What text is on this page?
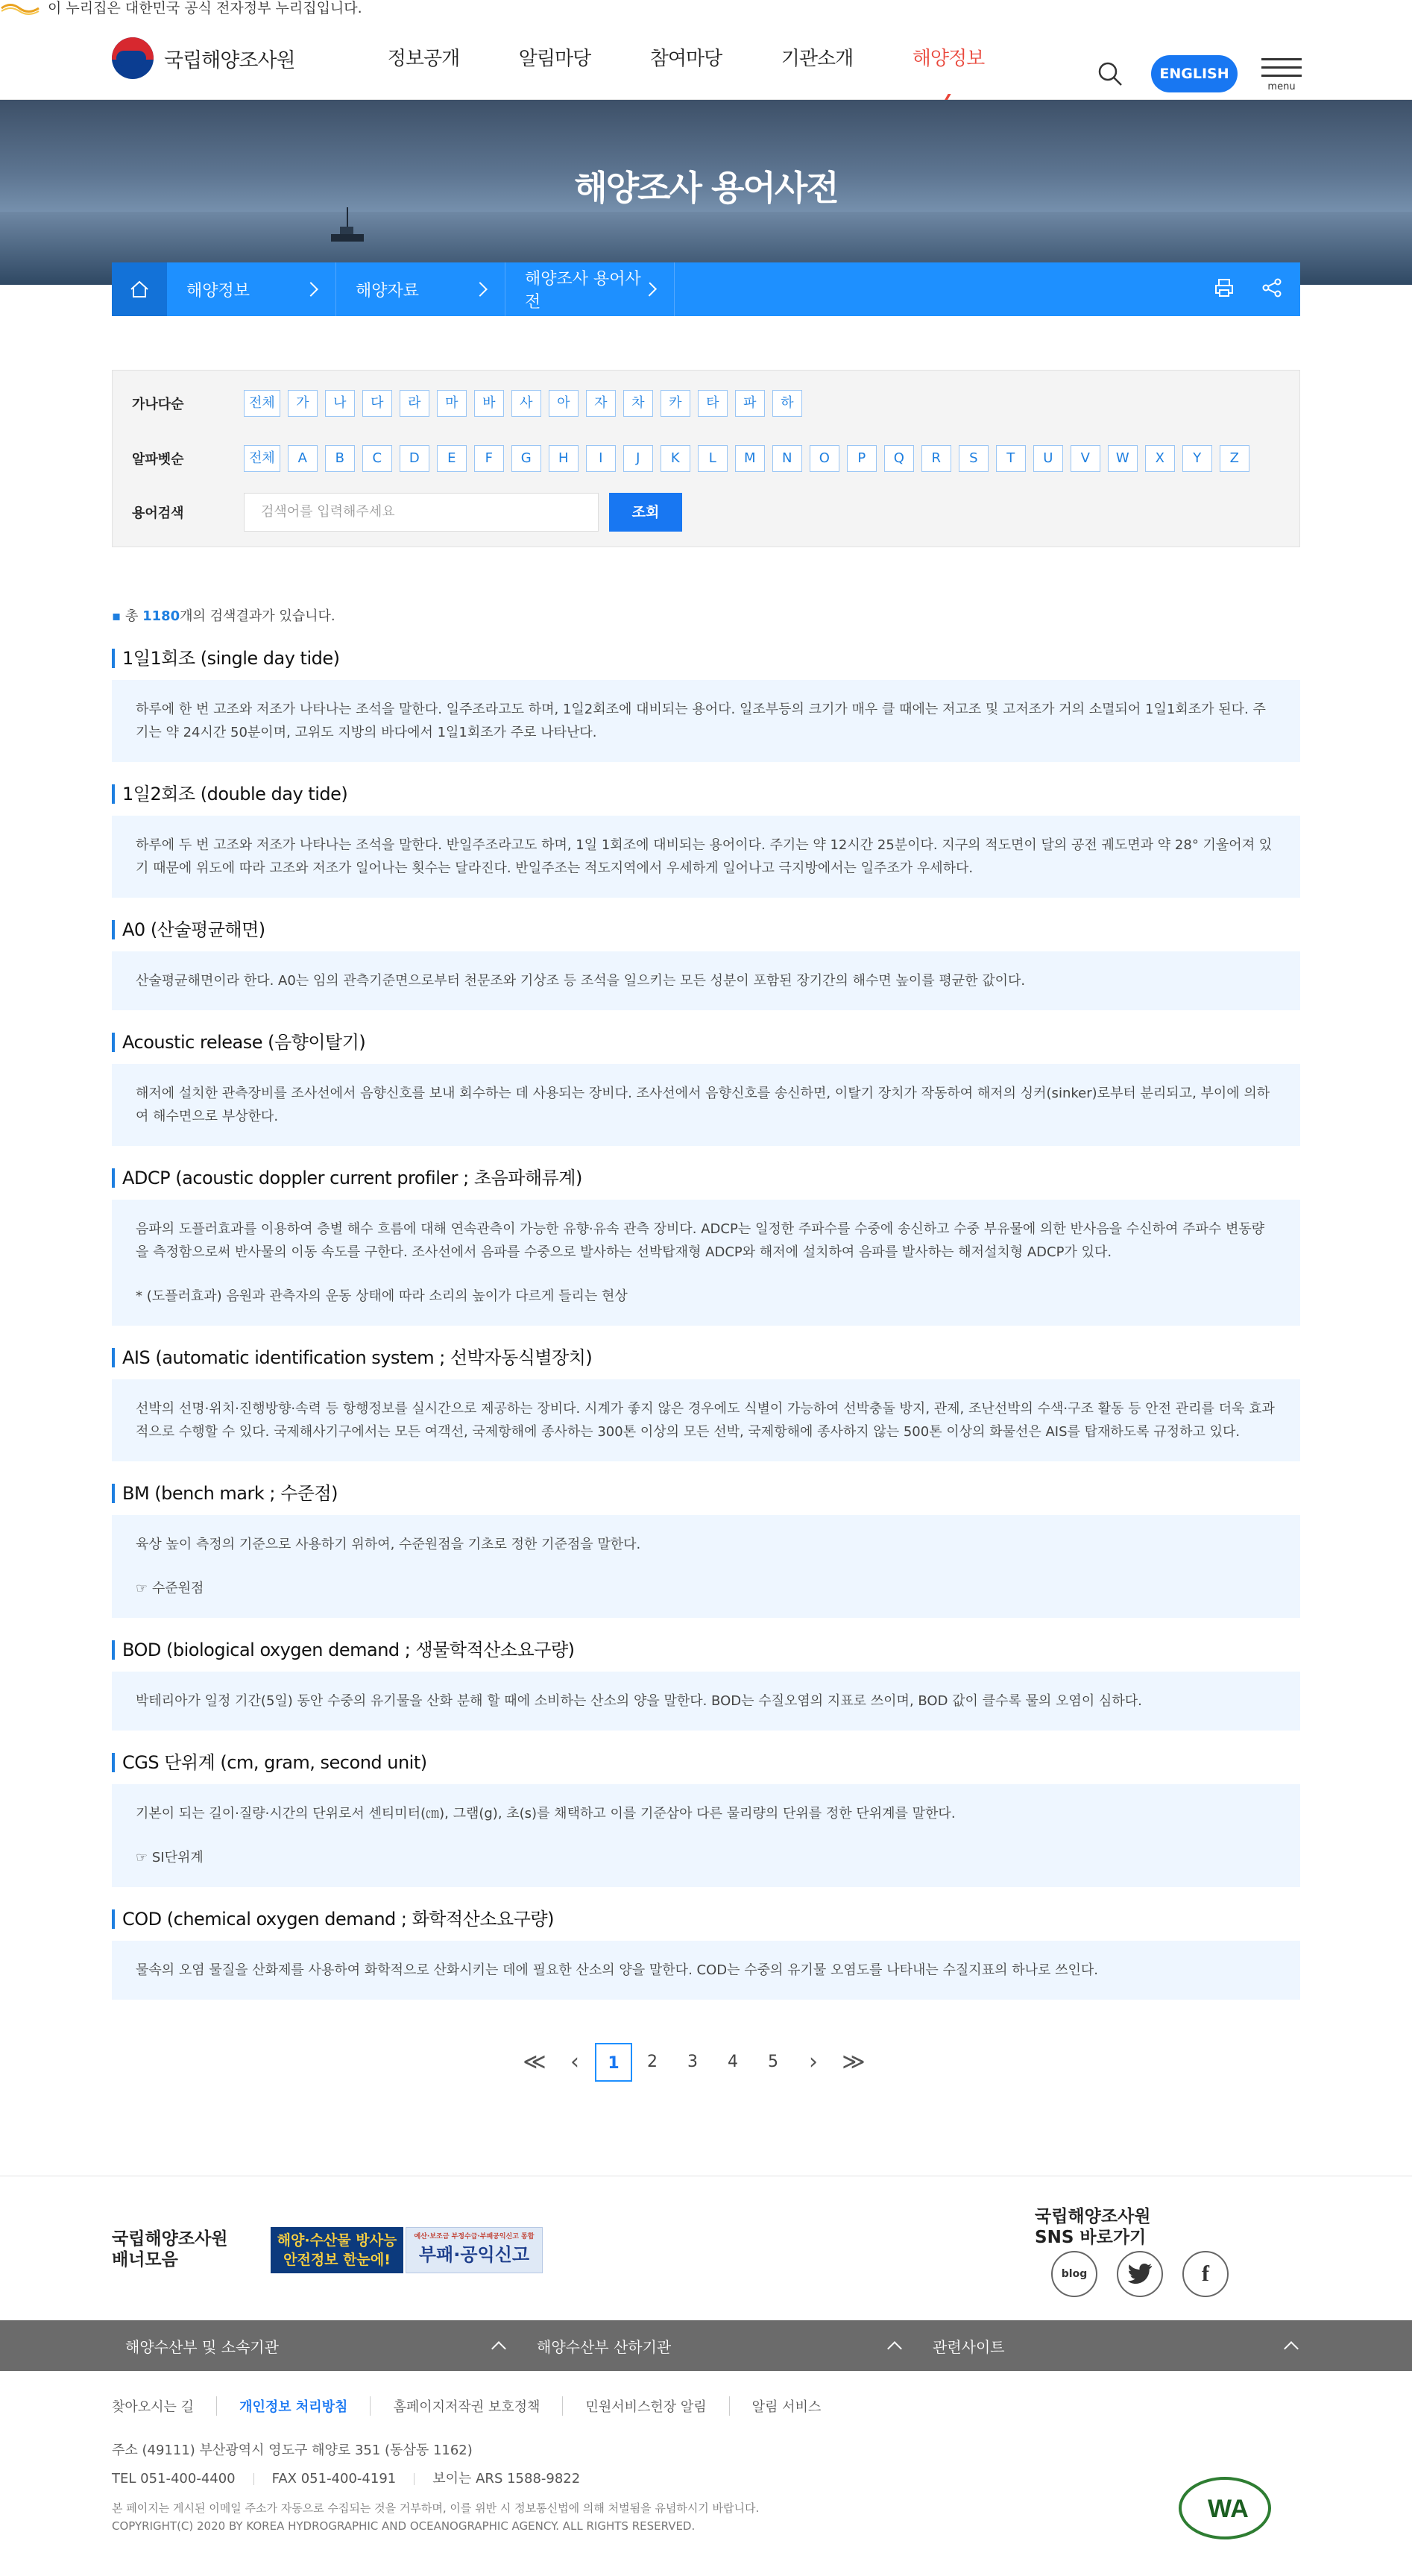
이 누리집은 대한민국 공식 전자정부 누리집입니다.
국립해양조사원	정보공개	알림마당	참여마당	기관소개	해양정보
ENGLISH
menu
해양조사 용어사전
해양정보	해양자료
해양조사 용어사전
가나다순	전체	가	나	다	라	마	바	사	아	자	차	카	타	파	하
알파벳순	전체	A	B	C	D	E	F	G	H	I	J	K	L	M	N	O	P	Q	R	S	T	U	V	W	X	Y	Z
용어검색	검색어를 입력해주세요	조회
▪ 총 1180개의 검색결과가 있습니다.
1일1회조 (single day tide)

하루에 한 번 고조와 저조가 나타나는 조석을 말한다. 일주조라고도 하며, 1일2회조에 대비되는 용어다. 일조부등의 크기가 매우 클 때에는 저고조 및 고저조가 거의 소멸되어 1일1회조가 된다. 주기는 약 24시간 50분이며, 고위도 지방의 바다에서 1일1회조가 주로 나타난다.

1일2회조 (double day tide)

하루에 두 번 고조와 저조가 나타나는 조석을 말한다. 반일주조라고도 하며, 1일 1회조에 대비되는 용어이다. 주기는 약 12시간 25분이다. 지구의 적도면이 달의 공전 궤도면과 약 28° 기울어져 있기 때문에 위도에 따라 고조와 저조가 일어나는 횟수는 달라진다. 반일주조는 적도지역에서 우세하게 일어나고 극지방에서는 일주조가 우세하다.

A0 (산술평균해면)

산술평균해면이라 한다. A0는 임의 관측기준면으로부터 천문조와 기상조 등 조석을 일으키는 모든 성분이 포함된 장기간의 해수면 높이를 평균한 값이다.

Acoustic release (음향이탈기)

해저에 설치한 관측장비를 조사선에서 음향신호를 보내 회수하는 데 사용되는 장비다. 조사선에서 음향신호를 송신하면, 이탈기 장치가 작동하여 해저의 싱커(sinker)로부터 분리되고, 부이에 의하여 해수면으로 부상한다.

ADCP (acoustic doppler current profiler ; 초음파해류계)

음파의 도플러효과를 이용하여 층별 해수 흐름에 대해 연속관측이 가능한 유향·유속 관측 장비다. ADCP는 일정한 주파수를 수중에 송신하고 수중 부유물에 의한 반사음을 수신하여 주파수 변동량을 측정함으로써 반사물의 이동 속도를 구한다. 조사선에서 음파를 수중으로 발사하는 선박탑재형 ADCP와 해저에 설치하여 음파를 발사하는 해저설치형 ADCP가 있다.

* (도플러효과) 음원과 관측자의 운동 상태에 따라 소리의 높이가 다르게 들리는 현상

AIS (automatic identification system ; 선박자동식별장치)

선박의 선명·위치·진행방향·속력 등 항행정보를 실시간으로 제공하는 장비다. 시계가 좋지 않은 경우에도 식별이 가능하여 선박충돌 방지, 관제, 조난선박의 수색·구조 활동 등 안전 관리를 더욱 효과적으로 수행할 수 있다. 국제해사기구에서는 모든 여객선, 국제항해에 종사하는 300톤 이상의 모든 선박, 국제항해에 종사하지 않는 500톤 이상의 화물선은 AIS를 탑재하도록 규정하고 있다.

BM (bench mark ; 수준점)

육상 높이 측정의 기준으로 사용하기 위하여, 수준원점을 기초로 정한 기준점을 말한다.

☞ 수준원점

BOD (biological oxygen demand ; 생물학적산소요구량)

박테리아가 일정 기간(5일) 동안 수중의 유기물을 산화 분해 할 때에 소비하는 산소의 양을 말한다. BOD는 수질오염의 지표로 쓰이며, BOD 값이 클수록 물의 오염이 심하다.

CGS 단위계 (cm, gram, second unit)

기본이 되는 길이·질량·시간의 단위로서 센티미터(㎝), 그램(g), 초(s)를 채택하고 이를 기준삼아 다른 물리량의 단위를 정한 단위계를 말한다.

☞ SI단위계

COD (chemical oxygen demand ; 화학적산소요구량)

물속의 오염 물질을 산화제를 사용하여 화학적으로 산화시키는 데에 필요한 산소의 양을 말한다. COD는 수중의 유기물 오염도를 나타내는 수질지표의 하나로 쓰인다.

≪	‹	1	2	3	4	5	›	≫
국립해양조사원
배너모음
해양·수산물 방사능
안전정보 한눈에!
예산·보조금 부정수급·부패공익신고 통합
부패·공익신고
국립해양조사원
SNS 바로가기
blog	f
해양수산부 및 소속기관	해양수산부 산하기관	관련사이트
찾아오시는 길	개인정보 처리방침	홈페이지저작권 보호정책	민원서비스헌장 알림	알림 서비스
주소 (49111) 부산광역시 영도구 해양로 351 (동삼동 1162)
TEL 051-400-4400	FAX 051-400-4191	보이는 ARS 1588-9822
본 페이지는 게시된 이메일 주소가 자동으로 수집되는 것을 거부하며, 이를 위반 시 정보통신법에 의해 처벌됨을 유념하시기 바랍니다.
COPYRIGHT(C) 2020 BY KOREA HYDROGRAPHIC AND OCEANOGRAPHIC AGENCY. ALL RIGHTS RESERVED.
WA
